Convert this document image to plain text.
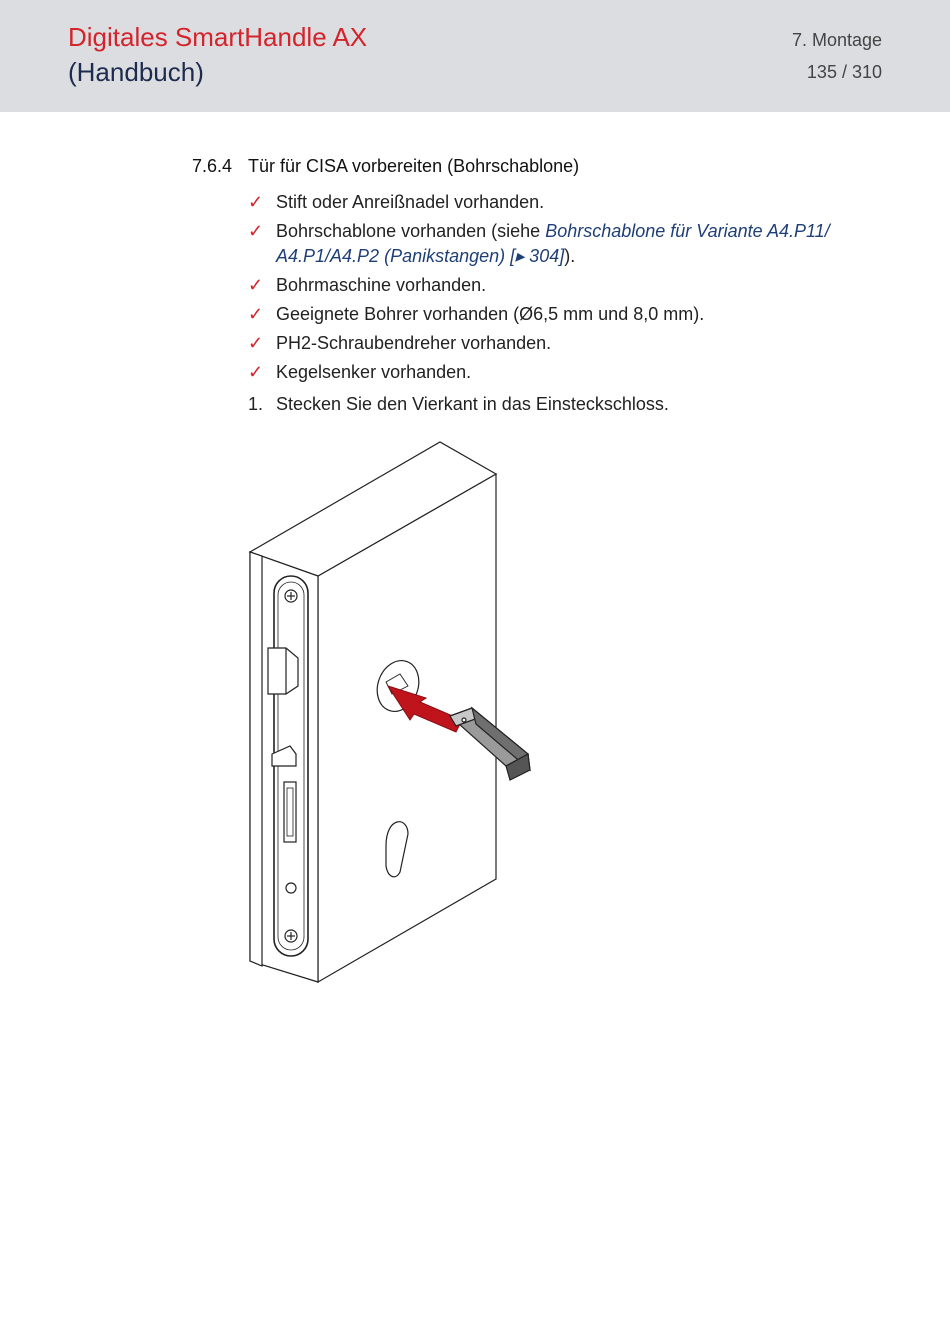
Digitales SmartHandle AX
(Handbuch)
7. Montage
135 / 310
7.6.4 Tür für CISA vorbereiten (Bohrschablone)
✓ Stift oder Anreißnadel vorhanden.
✓ Bohrschablone vorhanden (siehe Bohrschablone für Variante A4.P11/ A4.P1/A4.P2 (Panikstangen) [▸ 304]).
✓ Bohrmaschine vorhanden.
✓ Geeignete Bohrer vorhanden (Ø6,5 mm und 8,0 mm).
✓ PH2-Schraubendreher vorhanden.
✓ Kegelsenker vorhanden.
1. Stecken Sie den Vierkant in das Einsteckschloss.
